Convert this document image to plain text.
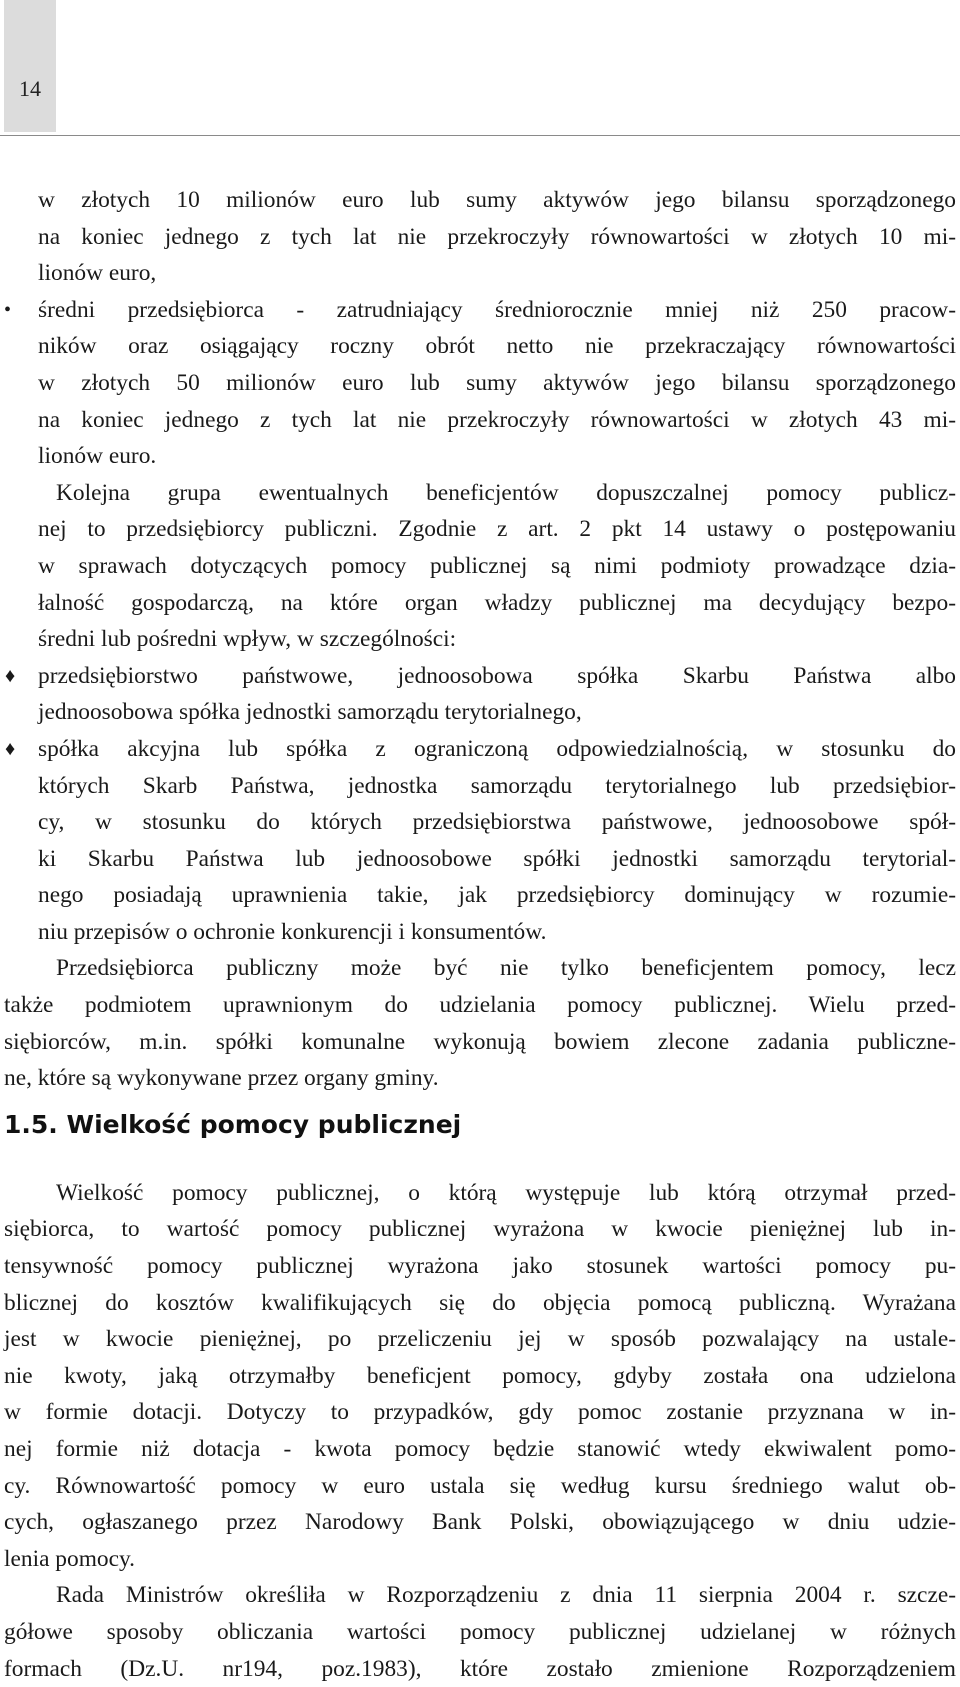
14
w złotych 10 milionów euro lub sumy aktywów jego bilansu sporządzonego
na koniec jednego z tych lat nie przekroczyły równowartości w złotych 10 mi-
lionów euro,
•	średni przedsiębiorca - zatrudniający średniorocznie mniej niż 250 pracow-
ników oraz osiągający roczny obrót netto nie przekraczający równowartości
w złotych 50 milionów euro lub sumy aktywów jego bilansu sporządzonego
na koniec jednego z tych lat nie przekroczyły równowartości w złotych 43 mi-
lionów euro.
Kolejna grupa ewentualnych beneficjentów dopuszczalnej pomocy publicz-
nej to przedsiębiorcy publiczni. Zgodnie z art. 2 pkt 14 ustawy o postępowaniu
w sprawach dotyczących pomocy publicznej są nimi podmioty prowadzące dzia-
łalność gospodarczą, na które organ władzy publicznej ma decydujący bezpo-
średni lub pośredni wpływ, w szczególności:
♦ przedsiębiorstwo państwowe, jednoosobowa spółka Skarbu Państwa albo
jednoosobowa spółka jednostki samorządu terytorialnego,
♦ spółka akcyjna lub spółka z ograniczoną odpowiedzialnością, w stosunku do
których Skarb Państwa, jednostka samorządu terytorialnego lub przedsiębior-
cy, w stosunku do których przedsiębiorstwa państwowe, jednoosobowe spół-
ki Skarbu Państwa lub jednoosobowe spółki jednostki samorządu terytorial-
nego posiadają uprawnienia takie, jak przedsiębiorcy dominujący w rozumie-
niu przepisów o ochronie konkurencji i konsumentów.
Przedsiębiorca publiczny może być nie tylko beneficjentem pomocy, lecz
także podmiotem uprawnionym do udzielania pomocy publicznej. Wielu przed-
siębiorców, m.in. spółki komunalne wykonują bowiem zlecone zadania publiczne-
ne, które są wykonywane przez organy gminy.
1.5. Wielkość pomocy publicznej
Wielkość pomocy publicznej, o którą występuje lub którą otrzymał przed-
siębiorca, to wartość pomocy publicznej wyrażona w kwocie pieniężnej lub in-
tensywność pomocy publicznej wyrażona jako stosunek wartości pomocy pu-
blicznej do kosztów kwalifikujących się do objęcia pomocą publiczną. Wyrażana
jest w kwocie pieniężnej, po przeliczeniu jej w sposób pozwalający na ustale-
nie kwoty, jaką otrzymałby beneficjent pomocy, gdyby została ona udzielona
w formie dotacji. Dotyczy to przypadków, gdy pomoc zostanie przyznana w in-
nej formie niż dotacja - kwota pomocy będzie stanowić wtedy ekwiwalent pomo-
cy. Równowartość pomocy w euro ustala się według kursu średniego walut ob-
cych, ogłaszanego przez Narodowy Bank Polski, obowiązującego w dniu udzie-
lenia pomocy.
Rada Ministrów określiła w Rozporządzeniu z dnia 11 sierpnia 2004 r. szcze-
gółowe sposoby obliczania wartości pomocy publicznej udzielanej w różnych
formach (Dz.U. nr194, poz.1983), które zostało zmienione Rozporządzeniem
